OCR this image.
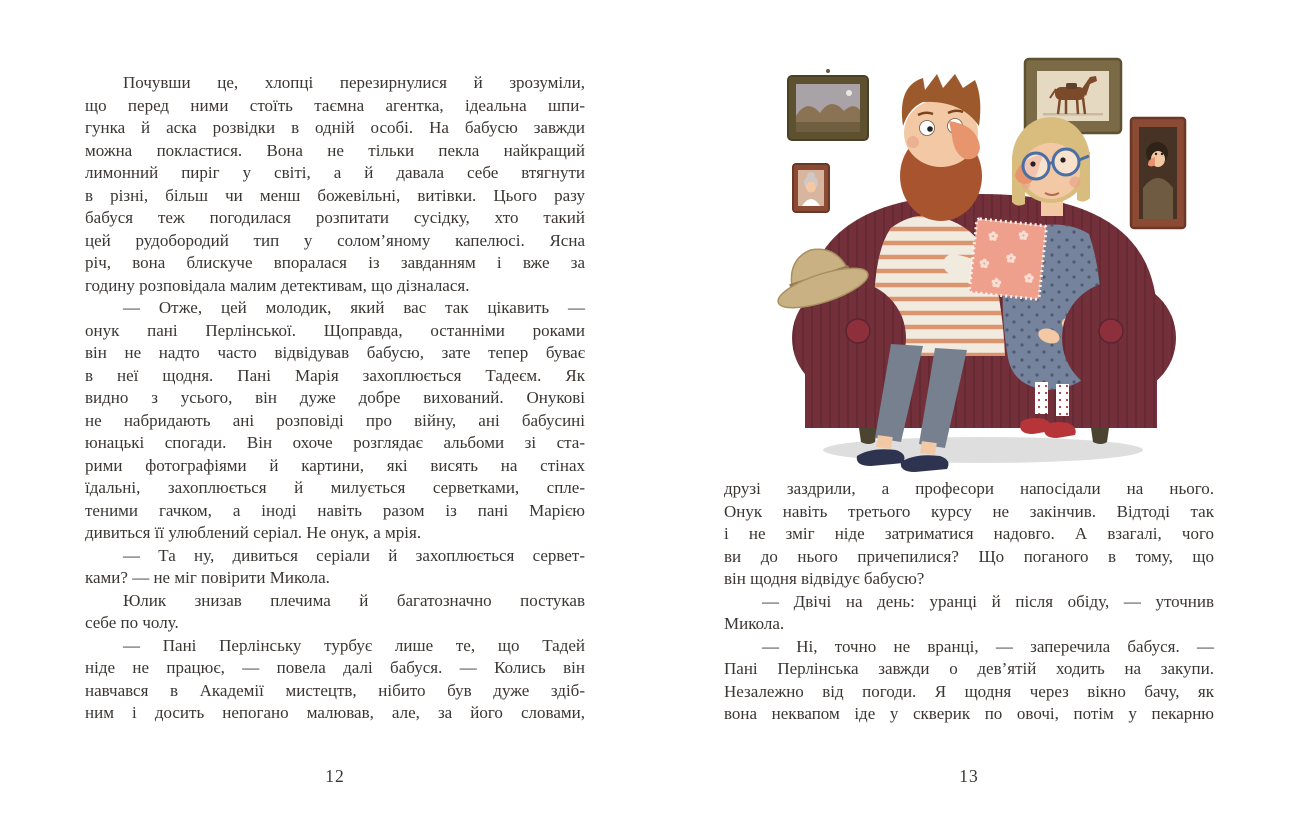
Почувши це, хлопці перезирнулися й зрозуміли,
що перед ними стоїть таємна агентка, ідеальна шпи-
гунка й аска розвідки в одній особі. На бабусю завжди
можна покластися. Вона не тільки пекла найкращий
лимонний пиріг у світі, а й давала себе втягнути
в різні, більш чи менш божевільні, витівки. Цього разу
бабуся теж погодилася розпитати сусідку, хто такий
цей рудобородий тип у солом’яному капелюсі. Ясна
річ, вона блискуче впоралася із завданням і вже за
годину розповідала малим детективам, що дізналася.
— Отже, цей молодик, який вас так цікавить —
онук пані Перлінської. Щоправда, останніми роками
він не надто часто відвідував бабусю, зате тепер буває
в неї щодня. Пані Марія захоплюється Тадеєм. Як
видно з усього, він дуже добре вихований. Онукові
не набридають ані розповіді про війну, ані бабусині
юнацькі спогади. Він охоче розглядає альбоми зі ста-
рими фотографіями й картини, які висять на стінах
їдальні, захоплюється й милується серветками, спле-
теними гачком, а іноді навіть разом із пані Марією
дивиться її улюблений серіал. Не онук, а мрія.
— Та ну, дивиться серіали й захоплюється сервет-
ками? — не міг повірити Микола.
Юлик знизав плечима й багатозначно постукав
себе по чолу.
— Пані Перлінську турбує лише те, що Тадей
ніде не працює, — повела далі бабуся. — Колись він
навчався в Академії мистецтв, нібито був дуже здіб-
ним і досить непогано малював, але, за його словами,
12
друзі заздрили, а професори напосідали на нього.
Онук навіть третього курсу не закінчив. Відтоді так
і не зміг ніде затриматися надовго. А взагалі, чого
ви до нього причепилися? Що поганого в тому, що
він щодня відвідує бабусю?
— Двічі на день: уранці й після обіду, — уточнив
Микола.
— Ні, точно не вранці, — заперечила бабуся. —
Пані Перлінська завжди о дев’ятій ходить на закупи.
Незалежно від погоди. Я щодня через вікно бачу, як
вона неквапом іде у скверик по овочі, потім у пекарню
13
